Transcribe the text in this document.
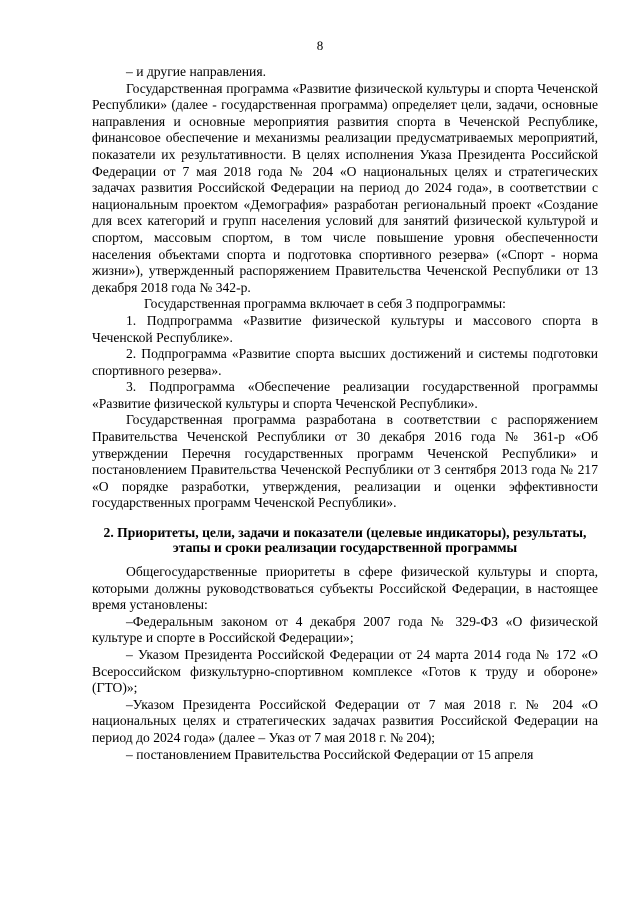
8

– и другие направления.

Государственная программа «Развитие физической культуры и спорта Чеченской Республики» (далее - государственная программа) определяет цели, задачи, основные направления и основные мероприятия развития спорта в Чеченской Республике, финансовое обеспечение и механизмы реализации предусматриваемых мероприятий, показатели их результативности. В целях исполнения Указа Президента Российской Федерации от 7 мая 2018 года № 204 «О национальных целях и стратегических задачах развития Российской Федерации на период до 2024 года», в соответствии с национальным проектом «Демография» разработан региональный проект «Создание для всех категорий и групп населения условий для занятий физической культурой и спортом, массовым спортом, в том числе повышение уровня обеспеченности населения объектами спорта и подготовка спортивного резерва» («Спорт - норма жизни»), утвержденный распоряжением Правительства Чеченской Республики от 13 декабря 2018 года № 342-р.

Государственная программа включает в себя 3 подпрограммы:

1. Подпрограмма «Развитие физической культуры и массового спорта в Чеченской Республике».

2. Подпрограмма «Развитие спорта высших достижений и системы подготовки спортивного резерва».

3. Подпрограмма «Обеспечение реализации государственной программы «Развитие физической культуры и спорта Чеченской Республики».

Государственная программа разработана в соответствии с распоряжением Правительства Чеченской Республики от 30 декабря 2016 года № 361-р «Об утверждении Перечня государственных программ Чеченской Республики» и постановлением Правительства Чеченской Республики от 3 сентября 2013 года № 217 «О порядке разработки, утверждения, реализации и оценки эффективности государственных программ Чеченской Республики».

2. Приоритеты, цели, задачи и показатели (целевые индикаторы), результаты, этапы и сроки реализации государственной программы

Общегосударственные приоритеты в сфере физической культуры и спорта, которыми должны руководствоваться субъекты Российской Федерации, в настоящее время установлены:

–Федеральным законом от 4 декабря 2007 года № 329-ФЗ «О физической культуре и спорте в Российской Федерации»;

– Указом Президента Российской Федерации от 24 марта 2014 года № 172 «О Всероссийском физкультурно-спортивном комплексе «Готов к труду и обороне» (ГТО)»;

–Указом Президента Российской Федерации от 7 мая 2018 г. № 204 «О национальных целях и стратегических задачах развития Российской Федерации на период до 2024 года» (далее – Указ от 7 мая 2018 г. № 204);

– постановлением Правительства Российской Федерации от 15 апреля
